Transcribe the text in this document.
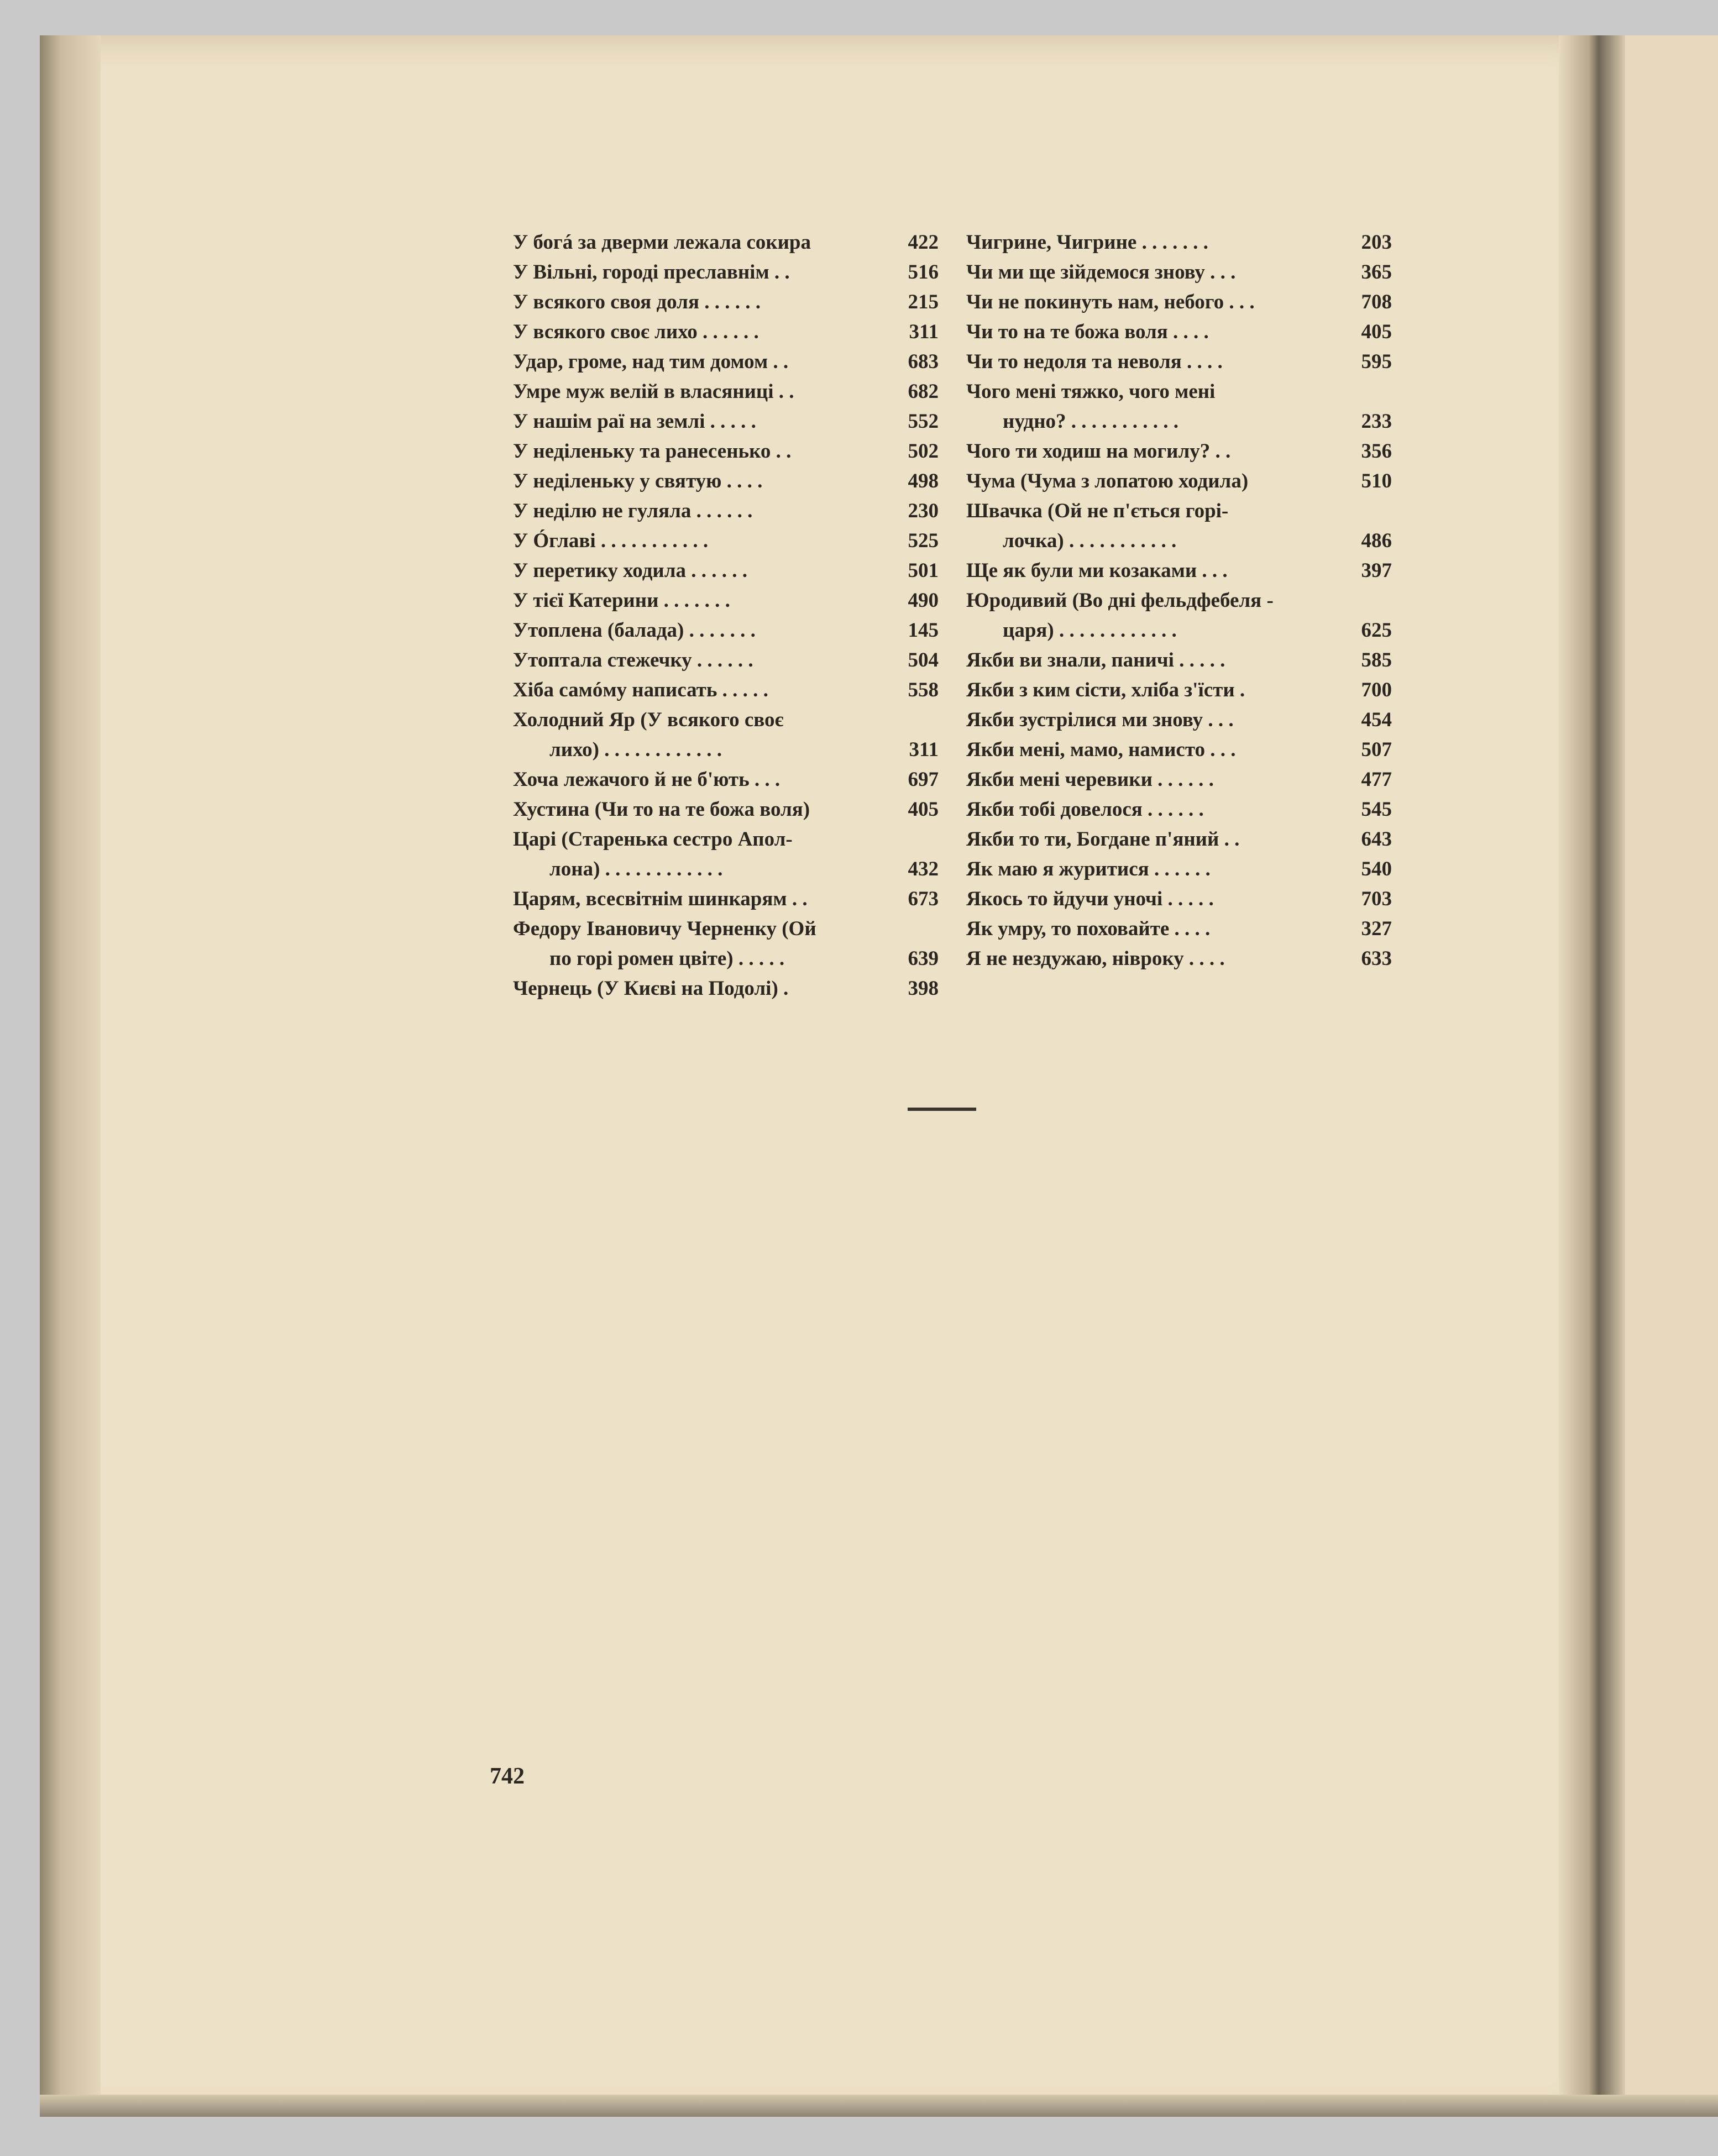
У богá за дверми лежала сокира	422
У Вільні, городі преславнім . .	516
У всякого своя доля . . . . . .	215
У всякого своє лихо . . . . . .	311
Удар, громе, над тим домом . .	683
Умре муж велій в власяниці . .	682
У нашім раї на землі . . . . .	552
У неділеньку та ранесенько . .	502
У неділеньку у святую . . . .	498
У неділю не гуляла . . . . . .	230
У Óглаві . . . . . . . . . . .	525
У перетику ходила . . . . . .	501
У тієї Катерини . . . . . . .	490
Утоплена (балада) . . . . . . .	145
Утоптала стежечку . . . . . .	504
Хіба самóму написать . . . . .	558
Холодний Яр (У всякого своє
лихо) . . . . . . . . . . . .	311
Хоча лежачого й не б'ють . . .	697
Хустина (Чи то на те божа воля)	405
Царі (Старенька сестро Апол-
лона) . . . . . . . . . . . .	432
Царям, всесвітнім шинкарям . .	673
Федору Івановичу Черненку (Ой
по горі ромен цвіте) . . . . .	639
Чернець (У Києві на Подолі) .	398
Чигрине, Чигрине . . . . . . .	203
Чи ми ще зійдемося знову . . .	365
Чи не покинуть нам, небого . . .	708
Чи то на те божа воля . . . .	405
Чи то недоля та неволя . . . .	595
Чого мені тяжко, чого мені
нудно? . . . . . . . . . . .	233
Чого ти ходиш на могилу? . .	356
Чума (Чума з лопатою ходила)	510
Швачка (Ой не п'ється горі-
лочка) . . . . . . . . . . .	486
Ще як були ми козаками . . .	397
Юродивий (Во дні фельдфебеля -
царя) . . . . . . . . . . . .	625
Якби ви знали, паничі . . . . .	585
Якби з ким сісти, хліба з'їсти .	700
Якби зустрілися ми знову . . .	454
Якби мені, мамо, намисто . . .	507
Якби мені черевики . . . . . .	477
Якби тобі довелося . . . . . .	545
Якби то ти, Богдане п'яний . .	643
Як маю я журитися . . . . . .	540
Якось то йдучи уночі . . . . .	703
Як умру, то поховайте . . . .	327
Я не нездужаю, нівроку . . . .	633
742
